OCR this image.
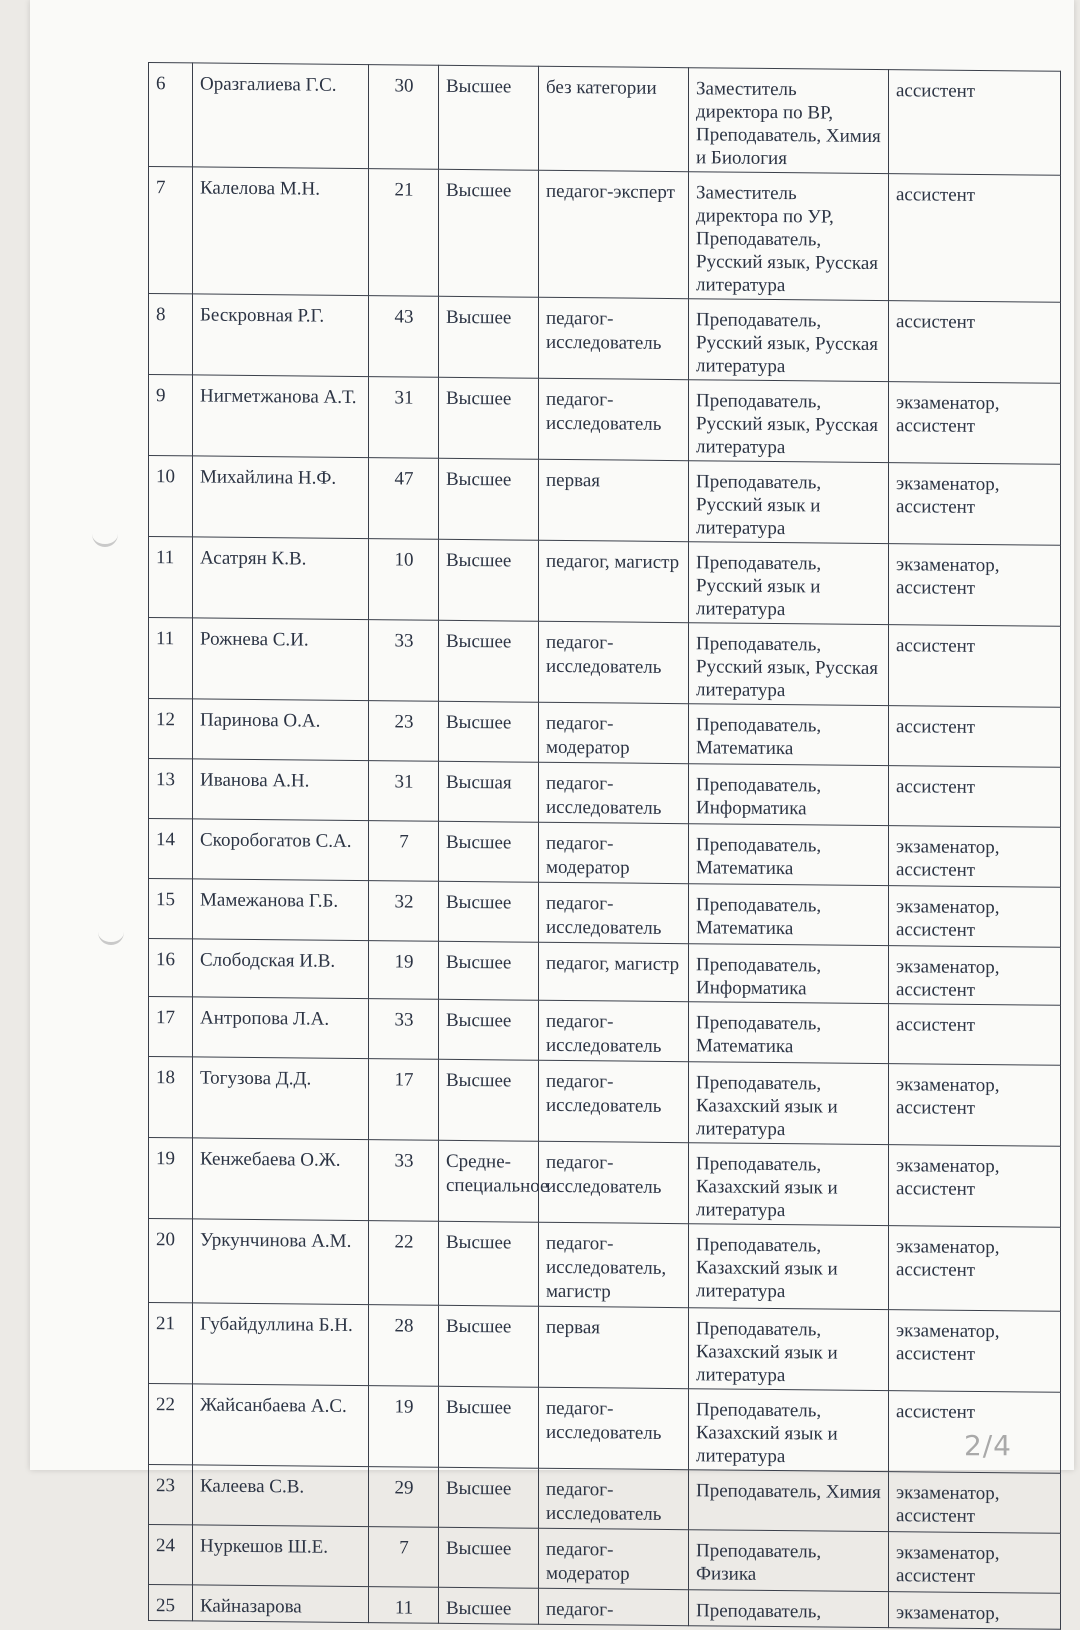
6	Оразгалиева Г.С.	30	Высшее	без категории	Заместитель директора по ВР, Преподаватель, Химия и Биология	ассистент
7	Калелова М.Н.	21	Высшее	педагог-эксперт	Заместитель директора по УР, Преподаватель, Русский язык, Русская литература	ассистент
8	Бескровная Р.Г.	43	Высшее	педагог-исследователь	Преподаватель, Русский язык, Русская литература	ассистент
9	Нигметжанова А.Т.	31	Высшее	педагог-исследователь	Преподаватель, Русский язык, Русская литература	экзаменатор, ассистент
10	Михайлина Н.Ф.	47	Высшее	первая	Преподаватель, Русский язык и литература	экзаменатор, ассистент
11	Асатрян К.В.	10	Высшее	педагог, магистр	Преподаватель, Русский язык и литература	экзаменатор, ассистент
11	Рожнева С.И.	33	Высшее	педагог-исследователь	Преподаватель, Русский язык, Русская литература	ассистент
12	Паринова О.А.	23	Высшее	педагог-модератор	Преподаватель, Математика	ассистент
13	Иванова А.Н.	31	Высшая	педагог-исследователь	Преподаватель, Информатика	ассистент
14	Скоробогатов С.А.	7	Высшее	педагог-модератор	Преподаватель, Математика	экзаменатор, ассистент
15	Мамежанова Г.Б.	32	Высшее	педагог-исследователь	Преподаватель, Математика	экзаменатор, ассистент
16	Слободская И.В.	19	Высшее	педагог, магистр	Преподаватель, Информатика	экзаменатор, ассистент
17	Антропова Л.А.	33	Высшее	педагог-исследователь	Преподаватель, Математика	ассистент
18	Тогузова Д.Д.	17	Высшее	педагог-исследователь	Преподаватель, Казахский язык и литература	экзаменатор, ассистент
19	Кенжебаева О.Ж.	33	Средне-специальное	педагог-исследователь	Преподаватель, Казахский язык и литература	экзаменатор, ассистент
20	Уркунчинова А.М.	22	Высшее	педагог-исследователь, магистр	Преподаватель, Казахский язык и литература	экзаменатор, ассистент
21	Губайдуллина Б.Н.	28	Высшее	первая	Преподаватель, Казахский язык и литература	экзаменатор, ассистент
22	Жайсанбаева А.С.	19	Высшее	педагог-исследователь	Преподаватель, Казахский язык и литература	ассистент
23	Калеева С.В.	29	Высшее	педагог-исследователь	Преподаватель, Химия	экзаменатор, ассистент
24	Нуркешов Ш.Е.	7	Высшее	педагог-модератор	Преподаватель, Физика	экзаменатор, ассистент
25	Кайназарова	11	Высшее	педагог-	Преподаватель,	экзаменатор,
2/4
